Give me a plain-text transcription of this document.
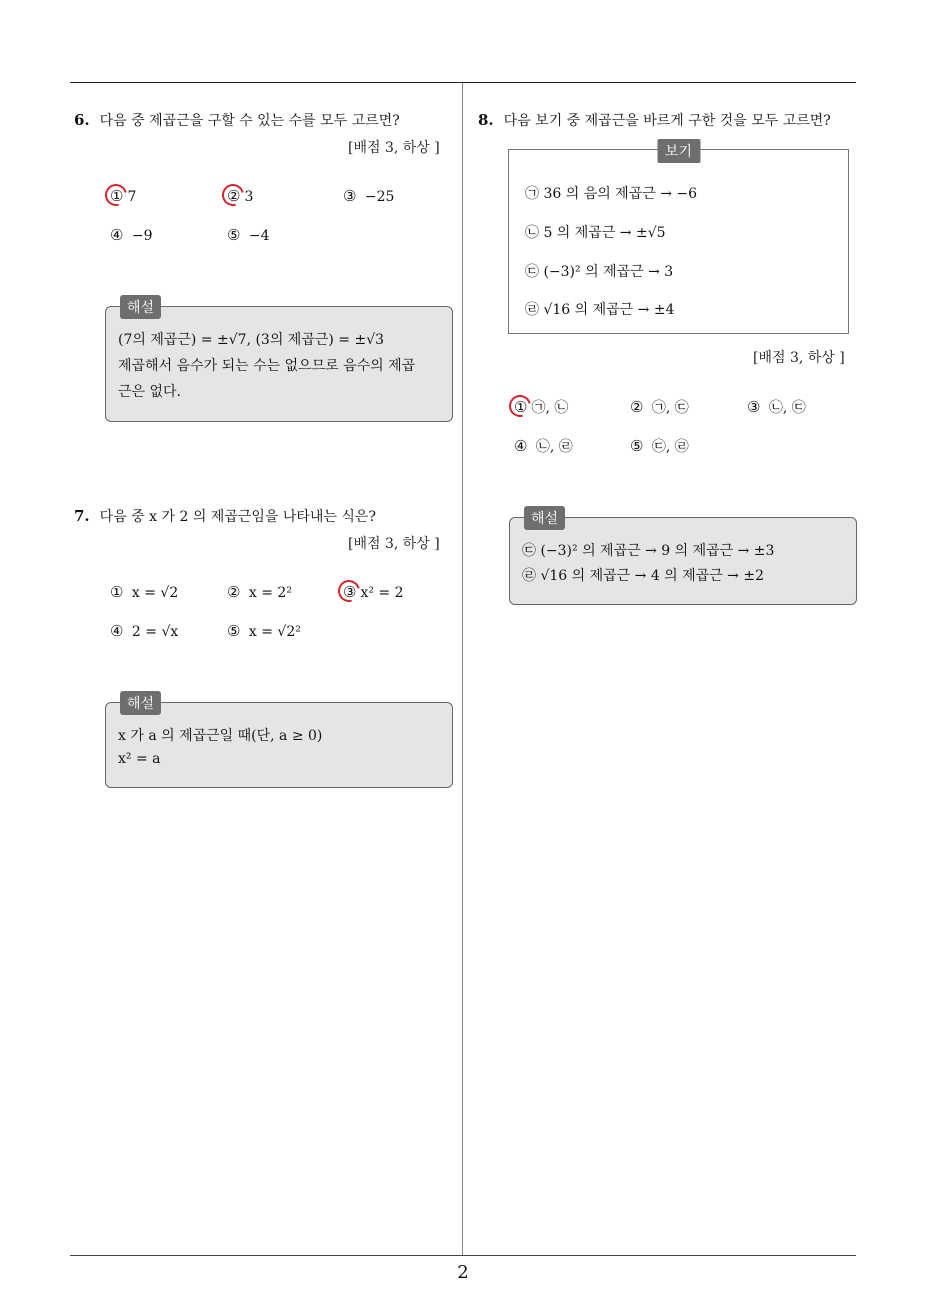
2
6. 다음 중 제곱근을 구할 수 있는 수를 모두 고르면?
[배점 3, 하상 ]
① 7	② 3	③ −25
④ −9	⑤ −4
해설
(7의 제곱근) = ±√7, (3의 제곱근) = ±√3
제곱해서 음수가 되는 수는 없으므로 음수의 제곱
근은 없다.
7. 다음 중 x 가 2 의 제곱근임을 나타내는 식은?
[배점 3, 하상 ]
① x = √2	② x = 2²	③ x² = 2
④ 2 = √x	⑤ x = √2²
해설
x 가 a 의 제곱근일 때(단, a ≥ 0)
x² = a
8. 다음 보기 중 제곱근을 바르게 구한 것을 모두 고르면?
보기
㉠ 36 의 음의 제곱근 → −6
㉡ 5 의 제곱근 → ±√5
㉢ (−3)² 의 제곱근 → 3
㉣ √16 의 제곱근 → ±4
[배점 3, 하상 ]
① ㉠, ㉡	② ㉠, ㉢	③ ㉡, ㉢
④ ㉡, ㉣	⑤ ㉢, ㉣
해설
㉢ (−3)² 의 제곱근 → 9 의 제곱근 → ±3
㉣ √16 의 제곱근 → 4 의 제곱근 → ±2
